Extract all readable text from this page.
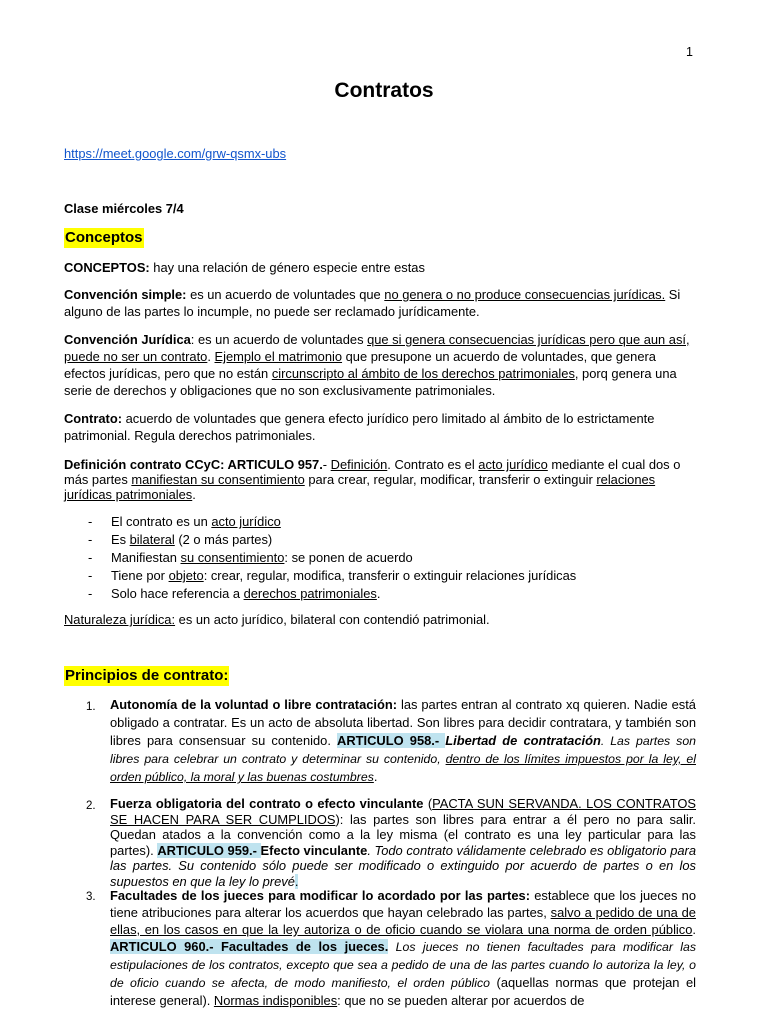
1
Contratos
https://meet.google.com/grw-qsmx-ubs
Clase miércoles 7/4
Conceptos
CONCEPTOS: hay una relación de género especie entre estas
Convención simple: es un acuerdo de voluntades que no genera o no produce consecuencias jurídicas. Si alguno de las partes lo incumple, no puede ser reclamado jurídicamente.
Convención Jurídica: es un acuerdo de voluntades que si genera consecuencias jurídicas pero que aun así, puede no ser un contrato. Ejemplo el matrimonio que presupone un acuerdo de voluntades, que genera efectos jurídicas, pero que no están circunscripto al ámbito de los derechos patrimoniales, porq genera una serie de derechos y obligaciones que no son exclusivamente patrimoniales.
Contrato: acuerdo de voluntades que genera efecto jurídico pero limitado al ámbito de lo estrictamente patrimonial. Regula derechos patrimoniales.
Definición contrato CCyC: ARTICULO 957.- Definición. Contrato es el acto jurídico mediante el cual dos o más partes manifiestan su consentimiento para crear, regular, modificar, transferir o extinguir relaciones jurídicas patrimoniales.
- El contrato es un acto jurídico
- Es bilateral (2 o más partes)
- Manifiestan su consentimiento: se ponen de acuerdo
- Tiene por objeto: crear, regular, modifica, transferir o extinguir relaciones jurídicas
- Solo hace referencia a derechos patrimoniales.
Naturaleza jurídica: es un acto jurídico, bilateral con contendió patrimonial.
Principios de contrato:
1. Autonomía de la voluntad o libre contratación: las partes entran al contrato xq quieren. Nadie está obligado a contratar. Es un acto de absoluta libertad. Son libres para decidir contratara, y también son libres para consensuar su contenido. ARTICULO 958.- Libertad de contratación. Las partes son libres para celebrar un contrato y determinar su contenido, dentro de los límites impuestos por la ley, el orden público, la moral y las buenas costumbres.
2. Fuerza obligatoria del contrato o efecto vinculante (PACTA SUN SERVANDA. LOS CONTRATOS SE HACEN PARA SER CUMPLIDOS): las partes son libres para entrar a él pero no para salir. Quedan atados a la convención como a la ley misma (el contrato es una ley particular para las partes). ARTICULO 959.- Efecto vinculante. Todo contrato válidamente celebrado es obligatorio para las partes. Su contenido sólo puede ser modificado o extinguido por acuerdo de partes o en los supuestos en que la ley lo prevé.
3. Facultades de los jueces para modificar lo acordado por las partes: establece que los jueces no tiene atribuciones para alterar los acuerdos que hayan celebrado las partes, salvo a pedido de una de ellas, en los casos en que la ley autoriza o de oficio cuando se violara una norma de orden público. ARTICULO 960.- Facultades de los jueces. Los jueces no tienen facultades para modificar las estipulaciones de los contratos, excepto que sea a pedido de una de las partes cuando lo autoriza la ley, o de oficio cuando se afecta, de modo manifiesto, el orden público (aquellas normas que protejan el interese general). Normas indisponibles: que no se pueden alterar por acuerdos de
